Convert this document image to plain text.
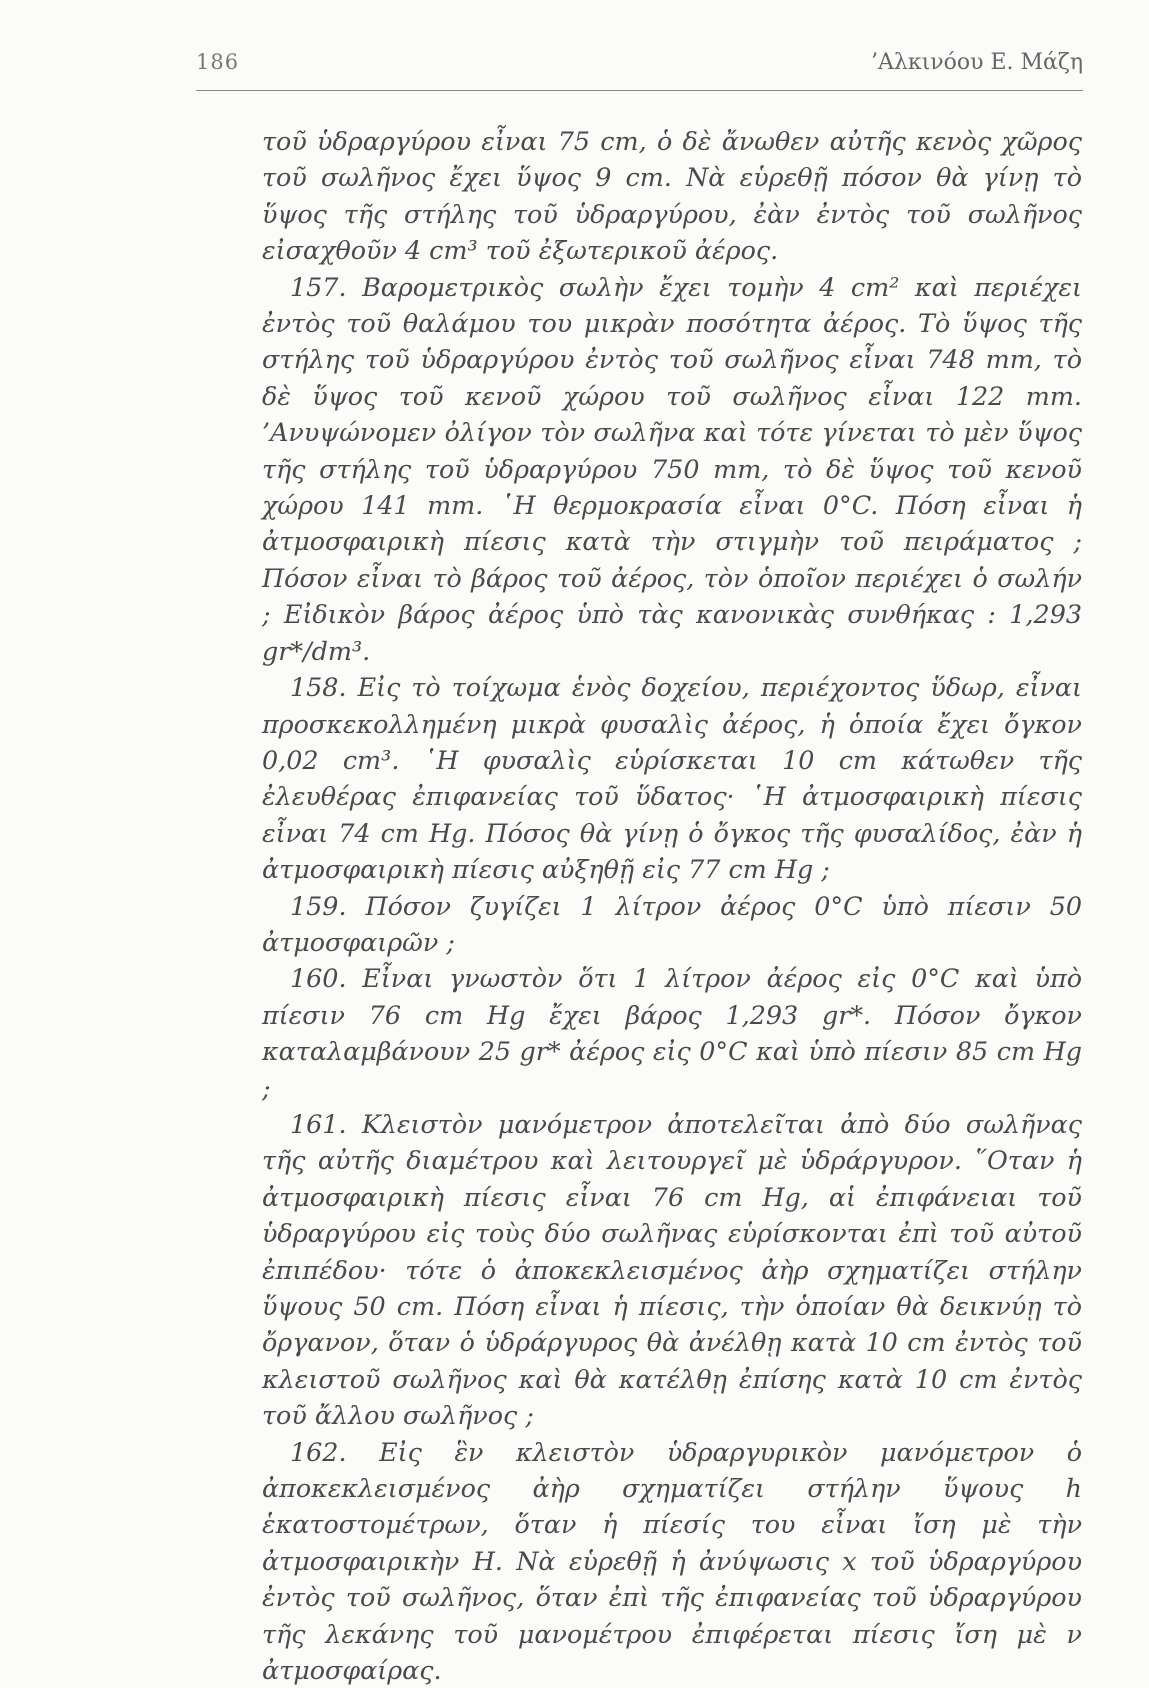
186	’Αλκινόου Ε. Μάζη

τοῦ ὑδραργύρου εἶναι 75 cm, ὁ δὲ ἄνωθεν αὐτῆς κενὸς χῶρος τοῦ σωλῆνος ἔχει ὕψος 9 cm. Νὰ εὑρεθῇ πόσον θὰ γίνῃ τὸ ὕψος τῆς στήλης τοῦ ὑδραργύρου, ἐὰν ἐντὸς τοῦ σωλῆνος εἰσαχθοῦν 4 cm³ τοῦ ἐξωτερικοῦ ἀέρος.

157. Βαρομετρικὸς σωλὴν ἔχει τομὴν 4 cm² καὶ περιέχει ἐντὸς τοῦ θαλάμου του μικρὰν ποσότητα ἀέρος. Τὸ ὕψος τῆς στήλης τοῦ ὑδραργύρου ἐντὸς τοῦ σωλῆνος εἶναι 748 mm, τὸ δὲ ὕψος τοῦ κενοῦ χώρου τοῦ σωλῆνος εἶναι 122 mm. ’Ανυψώνομεν ὀλίγον τὸν σωλῆνα καὶ τότε γίνεται τὸ μὲν ὕψος τῆς στήλης τοῦ ὑδραργύρου 750 mm, τὸ δὲ ὕψος τοῦ κενοῦ χώρου 141 mm. ῾Η θερμοκρασία εἶναι 0°C. Πόση εἶναι ἡ ἀτμοσφαιρικὴ πίεσις κατὰ τὴν στιγμὴν τοῦ πειράματος ; Πόσον εἶναι τὸ βάρος τοῦ ἀέρος, τὸν ὁποῖον περιέχει ὁ σωλήν ; Εἰδικὸν βάρος ἀέρος ὑπὸ τὰς κανονικὰς συνθήκας : 1,293 gr*/dm³.

158. Εἰς τὸ τοίχωμα ἑνὸς δοχείου, περιέχοντος ὕδωρ, εἶναι προσκεκολλημένη μικρὰ φυσαλὶς ἀέρος, ἡ ὁποία ἔχει ὄγκον 0,02 cm³. ῾Η φυσαλὶς εὑρίσκεται 10 cm κάτωθεν τῆς ἐλευθέρας ἐπιφανείας τοῦ ὕδατος· ῾Η ἀτμοσφαιρικὴ πίεσις εἶναι 74 cm Hg. Πόσος θὰ γίνῃ ὁ ὄγκος τῆς φυσαλίδος, ἐὰν ἡ ἀτμοσφαιρικὴ πίεσις αὐξηθῇ εἰς 77 cm Hg ;

159. Πόσον ζυγίζει 1 λίτρον ἀέρος 0°C ὑπὸ πίεσιν 50 ἀτμοσφαιρῶν ;

160. Εἶναι γνωστὸν ὅτι 1 λίτρον ἀέρος εἰς 0°C καὶ ὑπὸ πίεσιν 76 cm Hg ἔχει βάρος 1,293 gr*. Πόσον ὄγκον καταλαμβάνουν 25 gr* ἀέρος εἰς 0°C καὶ ὑπὸ πίεσιν 85 cm Hg ;

161. Κλειστὸν μανόμετρον ἀποτελεῖται ἀπὸ δύο σωλῆνας τῆς αὐτῆς διαμέτρου καὶ λειτουργεῖ μὲ ὑδράργυρον. ῞Οταν ἡ ἀτμοσφαιρικὴ πίεσις εἶναι 76 cm Hg, αἱ ἐπιφάνειαι τοῦ ὑδραργύρου εἰς τοὺς δύο σωλῆνας εὑρίσκονται ἐπὶ τοῦ αὐτοῦ ἐπιπέδου· τότε ὁ ἀποκεκλεισμένος ἀὴρ σχηματίζει στήλην ὕψους 50 cm. Πόση εἶναι ἡ πίεσις, τὴν ὁποίαν θὰ δεικνύῃ τὸ ὄργανον, ὅταν ὁ ὑδράργυρος θὰ ἀνέλθῃ κατὰ 10 cm ἐντὸς τοῦ κλειστοῦ σωλῆνος καὶ θὰ κατέλθῃ ἐπίσης κατὰ 10 cm ἐντὸς τοῦ ἄλλου σωλῆνος ;

162. Εἰς ἓν κλειστὸν ὑδραργυρικὸν μανόμετρον ὁ ἀποκεκλεισμένος ἀὴρ σχηματίζει στήλην ὕψους h ἑκατοστομέτρων, ὅταν ἡ πίεσίς του εἶναι ἴση μὲ τὴν ἀτμοσφαιρικὴν Η. Νὰ εὑρεθῇ ἡ ἀνύψωσις x τοῦ ὑδραργύρου ἐντὸς τοῦ σωλῆνος, ὅταν ἐπὶ τῆς ἐπιφανείας τοῦ ὑδραργύρου τῆς λεκάνης τοῦ μανομέτρου ἐπιφέρεται πίεσις ἴση μὲ ν ἀτμοσφαίρας.
